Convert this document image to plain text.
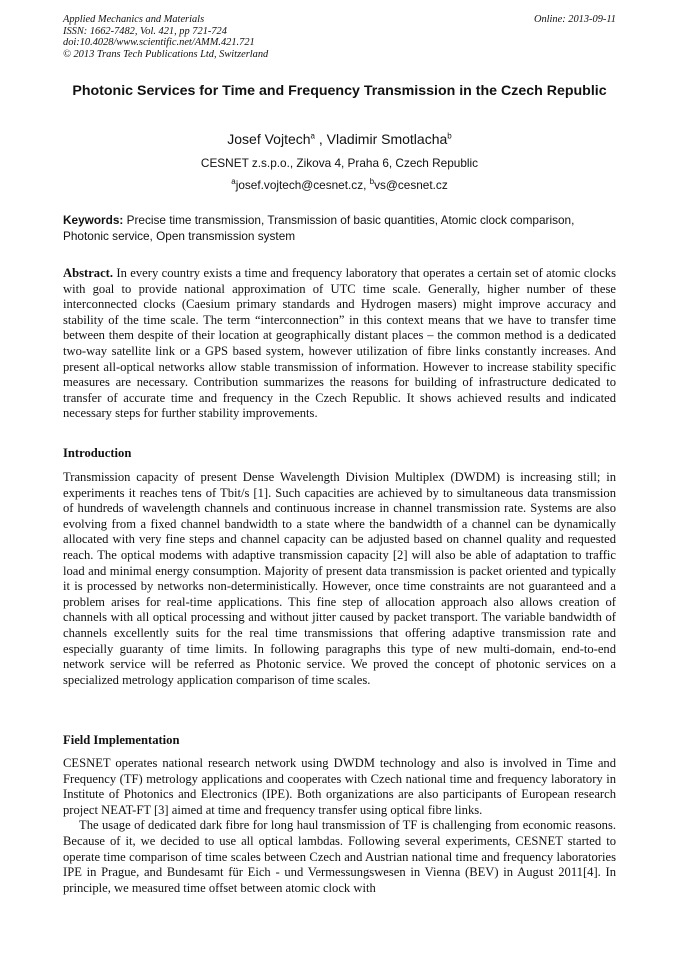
Applied Mechanics and Materials
ISSN: 1662-7482, Vol. 421, pp 721-724
doi:10.4028/www.scientific.net/AMM.421.721
© 2013 Trans Tech Publications Ltd, Switzerland
Online: 2013-09-11
Photonic Services for Time and Frequency Transmission in the Czech Republic
Josef Vojtech$^a$ , Vladimir Smotlacha$^b$
CESNET z.s.p.o., Zikova 4, Praha 6, Czech Republic
$^a$josef.vojtech@cesnet.cz, $^b$vs@cesnet.cz
Keywords: Precise time transmission, Transmission of basic quantities, Atomic clock comparison, Photonic service, Open transmission system
Abstract. In every country exists a time and frequency laboratory that operates a certain set of atomic clocks with goal to provide national approximation of UTC time scale. Generally, higher number of these interconnected clocks (Caesium primary standards and Hydrogen masers) might improve accuracy and stability of the time scale. The term “interconnection” in this context means that we have to transfer time between them despite of their location at geographically distant places – the common method is a dedicated two-way satellite link or a GPS based system, however utilization of fibre links constantly increases. And present all-optical networks allow stable transmission of information. However to increase stability specific measures are necessary. Contribution summarizes the reasons for building of infrastructure dedicated to transfer of accurate time and frequency in the Czech Republic. It shows achieved results and indicated necessary steps for further stability improvements.
Introduction
Transmission capacity of present Dense Wavelength Division Multiplex (DWDM) is increasing still; in experiments it reaches tens of Tbit/s [1]. Such capacities are achieved by to simultaneous data transmission of hundreds of wavelength channels and continuous increase in channel transmission rate. Systems are also evolving from a fixed channel bandwidth to a state where the bandwidth of a channel can be dynamically allocated with very fine steps and channel capacity can be adjusted based on channel quality and requested reach. The optical modems with adaptive transmission capacity [2] will also be able of adaptation to traffic load and minimal energy consumption. Majority of present data transmission is packet oriented and typically it is processed by networks non-deterministically. However, once time constraints are not guaranteed and a problem arises for real-time applications. This fine step of allocation approach also allows creation of channels with all optical processing and without jitter caused by packet transport. The variable bandwidth of channels excellently suits for the real time transmissions that offering adaptive transmission rate and especially guaranty of time limits. In following paragraphs this type of new multi-domain, end-to-end network service will be referred as Photonic service. We proved the concept of photonic services on a specialized metrology application comparison of time scales.
Field Implementation

CESNET operates national research network using DWDM technology and also is involved in Time and Frequency (TF) metrology applications and cooperates with Czech national time and frequency laboratory in Institute of Photonics and Electronics (IPE). Both organizations are also participants of European research project NEAT-FT [3] aimed at time and frequency transfer using optical fibre links.

The usage of dedicated dark fibre for long haul transmission of TF is challenging from economic reasons. Because of it, we decided to use all optical lambdas. Following several experiments, CESNET started to operate time comparison of time scales between Czech and Austrian national time and frequency laboratories IPE in Prague, and Bundesamt für Eich - und Vermessungswesen in Vienna (BEV) in August 2011[4]. In principle, we measured time offset between atomic clock with
